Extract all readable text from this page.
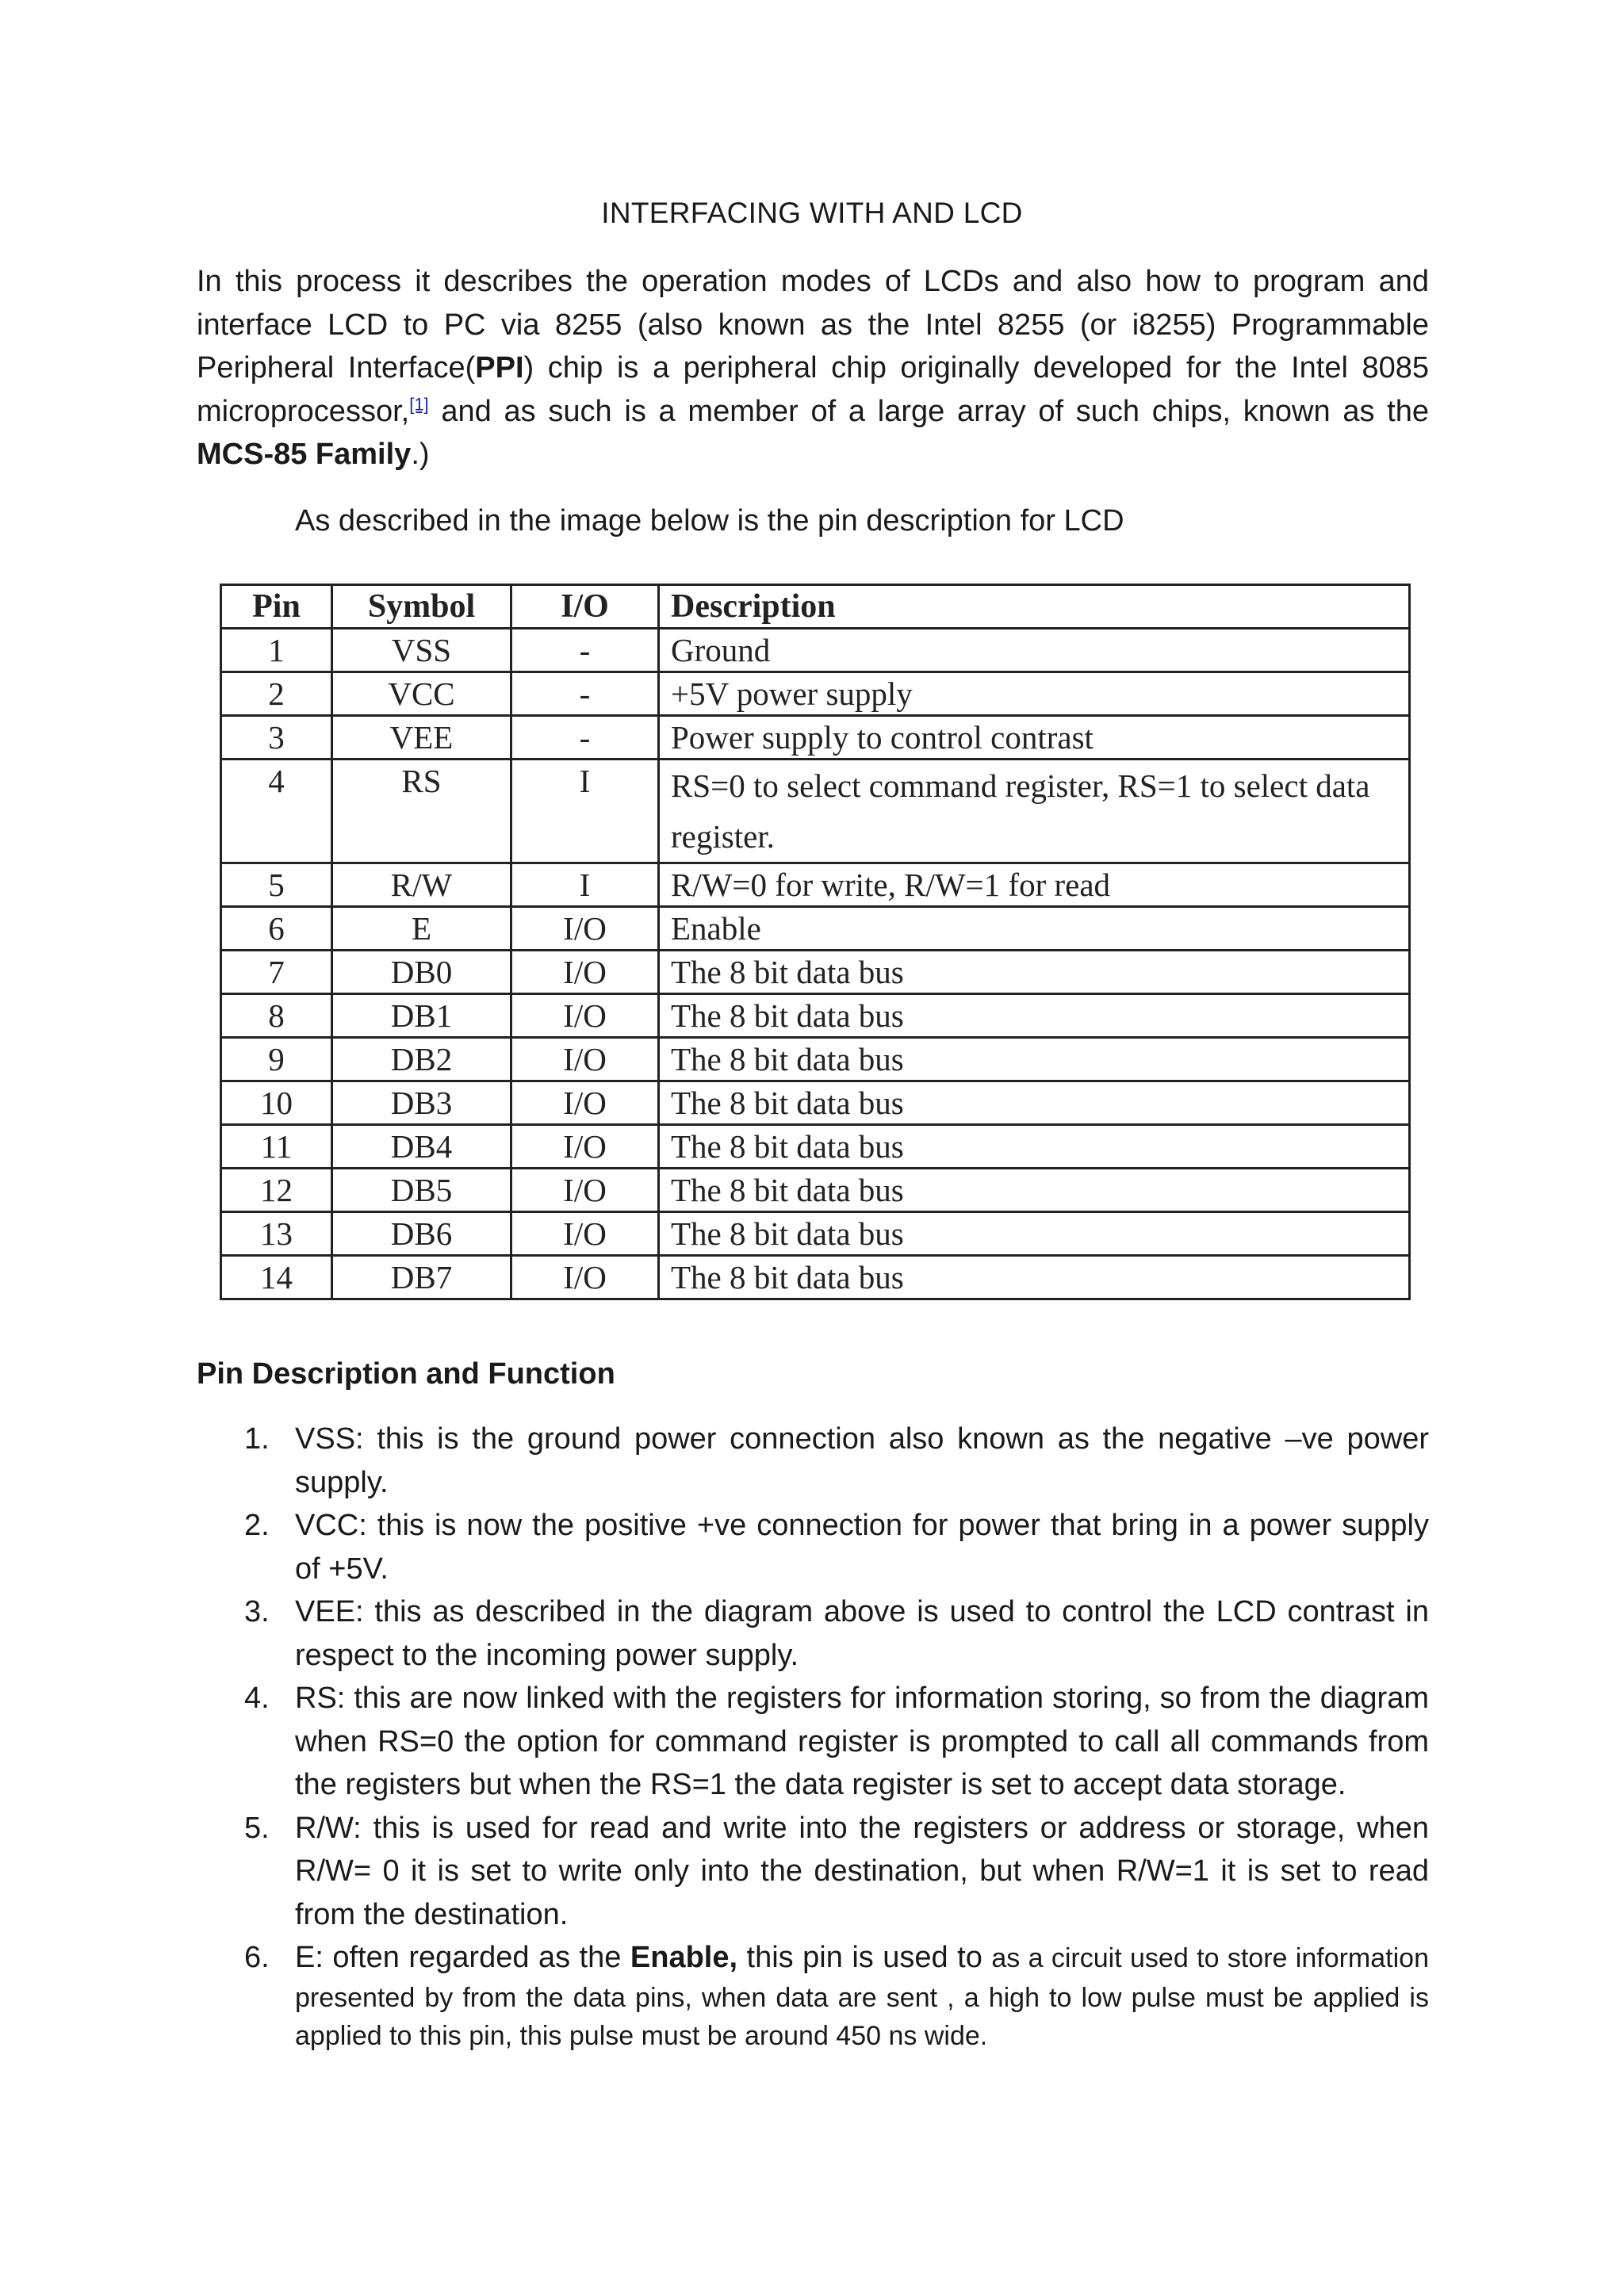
INTERFACING WITH AND LCD

In this process it describes the operation modes of LCDs and also how to program and interface LCD to PC via 8255 (also known as the Intel 8255 (or i8255) Programmable Peripheral Interface(PPI) chip is a peripheral chip originally developed for the Intel 8085 microprocessor,[1] and as such is a member of a large array of such chips, known as the MCS-85 Family.)

As described in the image below is the pin description for LCD
Pin	Symbol	I/O	Description
1	VSS	-	Ground
2	VCC	-	+5V power supply
3	VEE	-	Power supply to control contrast
4	RS	I	RS=0 to select command register, RS=1 to select data register.
5	R/W	I	R/W=0 for write, R/W=1 for read
6	E	I/O	Enable
7	DB0	I/O	The 8 bit data bus
8	DB1	I/O	The 8 bit data bus
9	DB2	I/O	The 8 bit data bus
10	DB3	I/O	The 8 bit data bus
11	DB4	I/O	The 8 bit data bus
12	DB5	I/O	The 8 bit data bus
13	DB6	I/O	The 8 bit data bus
14	DB7	I/O	The 8 bit data bus
Pin Description and Function
1. VSS: this is the ground power connection also known as the negative –ve power supply.
2. VCC: this is now the positive +ve connection for power that bring in a power supply of +5V.
3. VEE: this as described in the diagram above is used to control the LCD contrast in respect to the incoming power supply.
4. RS: this are now linked with the registers for information storing, so from the diagram when RS=0 the option for command register is prompted to call all commands from the registers but when the RS=1 the data register is set to accept data storage.
5. R/W: this is used for read and write into the registers or address or storage, when R/W= 0 it is set to write only into the destination, but when R/W=1 it is set to read from the destination.
6. E: often regarded as the Enable, this pin is used to as a circuit used to store information presented by from the data pins, when data are sent , a high to low pulse must be applied is applied to this pin, this pulse must be around 450 ns wide.
